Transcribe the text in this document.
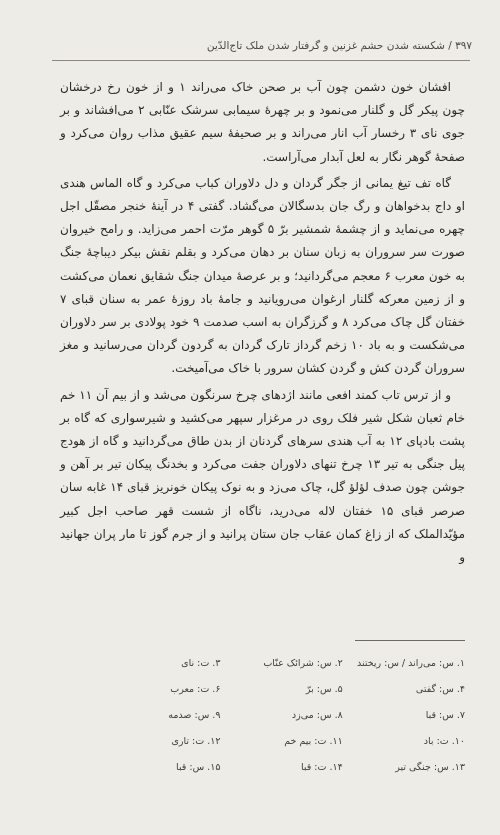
۳۹۷ / شکسته شدن حشم غزنین و گرفتار شدن ملک تاج‌الدّین

افشان خون دشمن چون آب بر صحن خاک می‌راند ۱ و از خون رخ درخشان چون پیکر گل و گلنار می‌نمود و بر چهرهٔ سیمابی سرشک عنّابی ۲ می‌افشاند و بر جوی نای ۳ رخسار آب انار می‌راند و بر صحیفهٔ سیم عقیق مذاب روان می‌کرد و صفحهٔ گوهر نگار به لعل آبدار می‌آراست.

گاه تف تیغ یمانی از جگر گردان و دل دلاوران کباب می‌کرد و گاه الماس هندی او داج بدخواهان و رگ جان بدسگالان می‌گشاد. گفتی ۴ در آینهٔ خنجر مصقّل اجل چهره می‌نماید و از چشمهٔ شمشیر برّ ۵ گوهر مرّت احمر می‌زاید. و رامح خیروان صورت سر سروران به زبان سنان بر دهان می‌کرد و بقلم نقش بیکر دیباچهٔ جنگ به خون معرب ۶ معجم می‌گردانید؛ و بر عرصهٔ میدان جنگ شقایق نعمان می‌کشت و از زمین معرکه گلنار ارغوان می‌رویانید و جامهٔ باد روزهٔ عمر به سنان قبای ۷ خفتان گل چاک می‌کرد ۸ و گرزگران به اسب صدمت ۹ خود پولادی بر سر دلاوران می‌شکست و به باد ۱۰ زخم گرداز تارک گردان به گردون گردان می‌رسانید و مغز سروران گردن کش و گردن کشان سرور با خاک می‌آمیخت.

و از ترس تاب کمند افعی مانند اژدهای چرخ سرنگون می‌شد و از بیم آن ۱۱ خم خام ثعبان شکل شیر فلک روی در مرغزار سپهر می‌کشید و شیرسواری که گاه بر پشت بادپای ۱۲ به آب هندی سرهای گردنان از بدن طاق می‌گردانید و گاه از هودج پیل جنگی به تیر ۱۳ چرخ تنهای دلاوران جفت می‌کرد و بخدنگ پیکان تیر بر آهن و جوشن چون صدف لؤلؤ گل، چاک می‌زد و به نوک پیکان خونریز قبای ۱۴ غابه سان صرصر قبای ۱۵ خفتان لاله می‌درید، ناگاه از شست قهر صاحب اجل کبیر مؤیّدالملک که از زاغ کمان عقاب جان ستان پرانید و از جرم گوز تا مار پران جهانید و

۱. س: می‌راند / س: ریختند
۲. س: شرائک عنّاب
۳. ت: نای
۴. س: گفتی
۵. س: برّ
۶. ت: معرب
۷. س: قبا
۸. س: می‌زد
۹. س: صدمه
۱۰. ت: باد
۱۱. ت: بیم خم
۱۲. ت: تاری
۱۳. س: جنگی تیر
۱۴. ت: قبا
۱۵. س: قبا
